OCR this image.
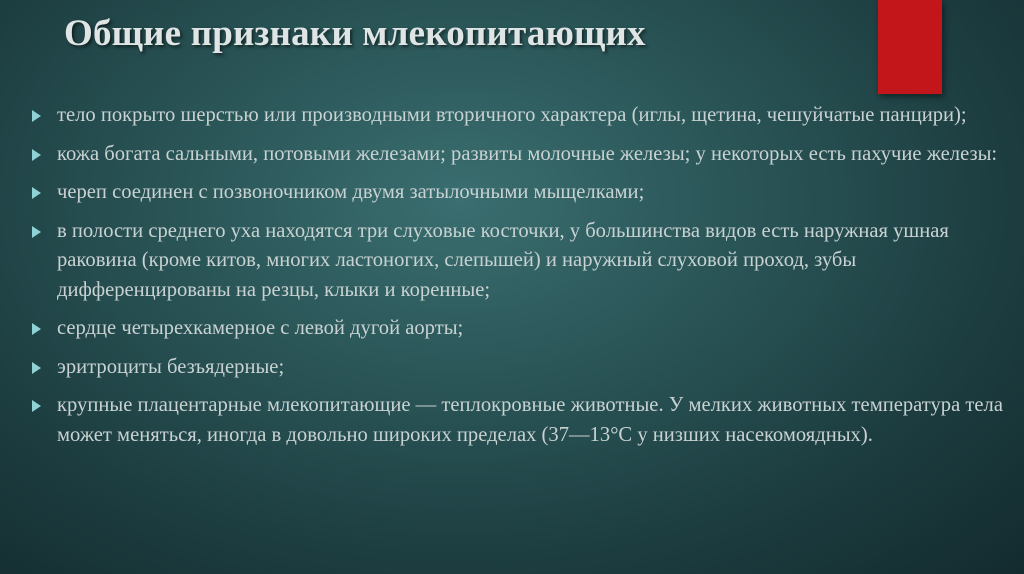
Общие признаки млекопитающих
тело покрыто шерстью или производными вторичного характера (иглы, щетина, чешуйчатые панцири);
кожа богата сальными, потовыми железами; развиты молочные железы; у некоторых есть пахучие железы:
череп соединен с позвоночником двумя затылочными мыщелками;
в полости среднего уха находятся три слуховые косточки, у большинства видов есть наружная ушная раковина (кроме китов, многих ластоногих, слепышей) и наружный слуховой проход, зубы дифференцированы на резцы, клыки и коренные;
сердце четырехкамерное с левой дугой аорты;
эритроциты безъядерные;
крупные плацентарные млекопитающие — теплокровные животные. У мелких животных температура тела может меняться, иногда в довольно широких пределах (37—13°С у низших насекомоядных).
